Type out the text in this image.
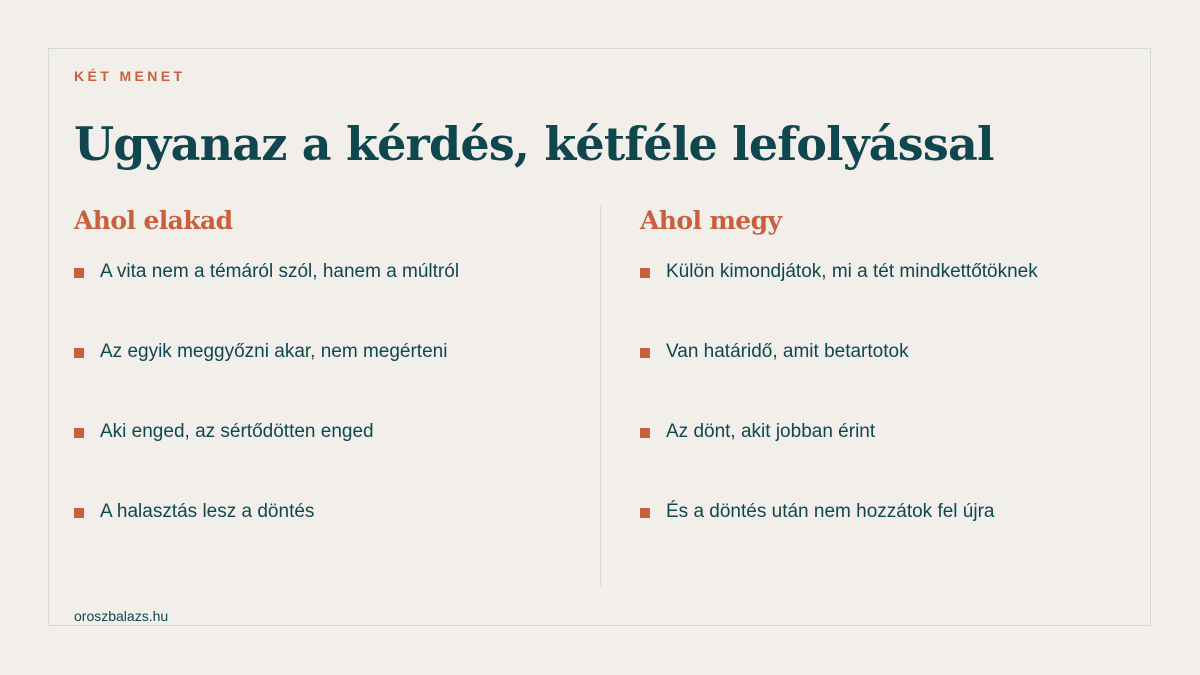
KÉT MENET
Ugyanaz a kérdés, kétféle lefolyással
Ahol elakad
A vita nem a témáról szól, hanem a múltról
Az egyik meggyőzni akar, nem megérteni
Aki enged, az sértődötten enged
A halasztás lesz a döntés
Ahol megy
Külön kimondjátok, mi a tét mindkettőtöknek
Van határidő, amit betartotok
Az dönt, akit jobban érint
És a döntés után nem hozzátok fel újra
oroszbalazs.hu
